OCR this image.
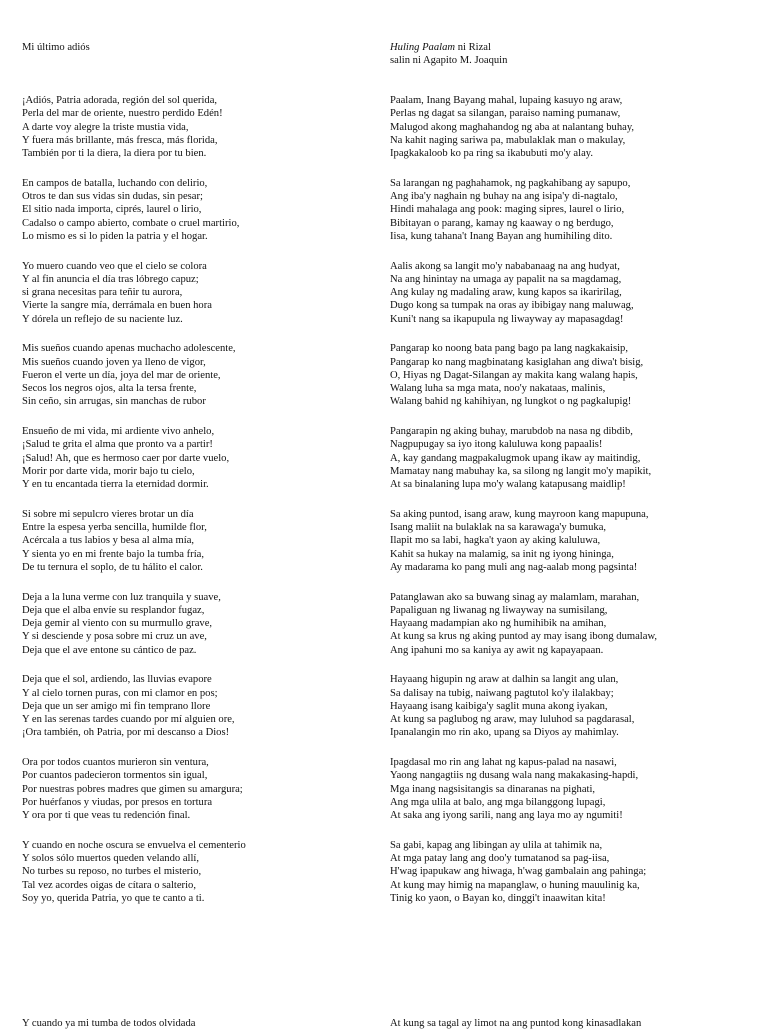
Mi último adiós
¡Adiós, Patria adorada, región del sol querida,
Perla del mar de oriente, nuestro perdido Edén!
A darte voy alegre la triste mustia vida,
Y fuera más brillante, más fresca, más florida,
También por ti la diera, la diera por tu bien.
En campos de batalla, luchando con delirio,
Otros te dan sus vidas sin dudas, sin pesar;
El sitio nada importa, ciprés, laurel o lirio,
Cadalso o campo abierto, combate o cruel martirio,
Lo mismo es si lo piden la patria y el hogar.
Yo muero cuando veo que el cielo se colora
Y al fin anuncia el día tras lóbrego capuz;
si grana necesitas para teñir tu aurora,
Vierte la sangre mía, derrámala en buen hora
Y dórela un reflejo de su naciente luz.
Mis sueños cuando apenas muchacho adolescente,
Mis sueños cuando joven ya lleno de vigor,
Fueron el verte un día, joya del mar de oriente,
Secos los negros ojos, alta la tersa frente,
Sin ceño, sin arrugas, sin manchas de rubor
Ensueño de mi vida, mi ardiente vivo anhelo,
¡Salud te grita el alma que pronto va a partir!
¡Salud! Ah, que es hermoso caer por darte vuelo,
Morir por darte vida, morir bajo tu cielo,
Y en tu encantada tierra la eternidad dormir.
Si sobre mi sepulcro vieres brotar un día
Entre la espesa yerba sencilla, humilde flor,
Acércala a tus labios y besa al alma mía,
Y sienta yo en mi frente bajo la tumba fría,
De tu ternura el soplo, de tu hálito el calor.
Deja a la luna verme con luz tranquila y suave,
Deja que el alba envíe su resplandor fugaz,
Deja gemir al viento con su murmullo grave,
Y si desciende y posa sobre mi cruz un ave,
Deja que el ave entone su cántico de paz.
Deja que el sol, ardiendo, las lluvias evapore
Y al cielo tornen puras, con mi clamor en pos;
Deja que un ser amigo mi fin temprano llore
Y en las serenas tardes cuando por mí alguien ore,
¡Ora también, oh Patria, por mi descanso a Dios!
Ora por todos cuantos murieron sin ventura,
Por cuantos padecieron tormentos sin igual,
Por nuestras pobres madres que gimen su amargura;
Por huérfanos y viudas, por presos en tortura
Y ora por ti que veas tu redención final.
Y cuando en noche oscura se envuelva el cementerio
Y solos sólo muertos queden velando allí,
No turbes su reposo, no turbes el misterio,
Tal vez acordes oigas de cítara o salterio,
Soy yo, querida Patria, yo que te canto a ti.
Huling Paalam ni Rizal
salin ni Agapito M. Joaquin
Paalam, Inang Bayang mahal, lupaing kasuyo ng araw,
Perlas ng dagat sa silangan, paraiso naming pumanaw,
Malugod akong maghahandog ng aba at nalantang buhay,
Na kahit naging sariwa pa, mabulaklak man o makulay,
Ipagkakaloob ko pa ring sa ikabubuti mo'y alay.
Sa larangan ng paghahamok, ng pagkahibang ay sapupo,
Ang iba'y naghain ng buhay na ang isipa'y di-nagtalo,
Hindi mahalaga ang pook: maging sipres, laurel o lirio,
Bibitayan o parang, kamay ng kaaway o ng berdugo,
Iisa, kung tahana't Inang Bayan ang humihiling dito.
Aalis akong sa langit mo'y nababanaag na ang hudyat,
Na ang hinintay na umaga ay papalit na sa magdamag,
Ang kulay ng madaling araw, kung kapos sa ikaririlag,
Dugo kong sa tumpak na oras ay ibibigay nang maluwag,
Kuni't nang sa ikapupula ng liwayway ay mapasagdag!
Pangarap ko noong bata pang bago pa lang nagkakaisip,
Pangarap ko nang magbinatang kasiglahan ang diwa't bisig,
O, Hiyas ng Dagat-Silangan ay makita kang walang hapis,
Walang luha sa mga mata, noo'y nakataas, malinis,
Walang bahid ng kahihiyan, ng lungkot o ng pagkalupig!
Pangarapin ng aking buhay, marubdob na nasa ng dibdib,
Nagpupugay sa iyo itong kaluluwa kong papaalis!
A, kay gandang magpakalugmok upang ikaw ay maitindig,
Mamatay nang mabuhay ka, sa silong ng langit mo'y mapikit,
At sa binalaning lupa mo'y walang katapusang maidlip!
Sa aking puntod, isang araw, kung mayroon kang mapupuna,
Isang maliit na bulaklak na sa karawaga'y bumuka,
Ilapit mo sa labi, hagka't yaon ay aking kaluluwa,
Kahit sa hukay na malamig, sa init ng iyong hininga,
Ay madarama ko pang muli ang nag-aalab mong pagsinta!
Patanglawan ako sa buwang sinag ay malamlam, marahan,
Papaliguan ng liwanag ng liwayway na sumisilang,
Hayaang madampian ako ng humihibik na amihan,
At kung sa krus ng aking puntod ay may isang ibong dumalaw,
Ang ipahuni mo sa kaniya ay awit ng kapayapaan.
Hayaang higupin ng araw at dalhin sa langit ang ulan,
Sa dalisay na tubig, naiwang pagtutol ko'y ilalakbay;
Hayaang isang kaibiga'y saglit muna akong iyakan,
At kung sa paglubog ng araw, may luluhod sa pagdarasal,
Ipanalangin mo rin ako, upang sa Diyos ay mahimlay.
Ipagdasal mo rin ang lahat ng kapus-palad na nasawi,
Yaong nangagtiis ng dusang wala nang makakasing-hapdi,
Mga inang nagsisitangis sa dinaranas na pighati,
Ang mga ulila at balo, ang mga bilanggong lupagi,
At saka ang iyong sarili, nang ang laya mo ay ngumiti!
Sa gabi, kapag ang libingan ay ulila at tahimik na,
At mga patay lang ang doo'y tumatanod sa pag-iisa,
H'wag ipapukaw ang hiwaga, h'wag gambalain ang pahinga;
At kung may himig na mapanglaw, o huning mauulinig ka,
Tinig ko yaon, o Bayan ko, dinggi't inaawitan kita!
Y cuando ya mi tumba de todos olvidada	At kung sa tagal ay limot na ang puntod kong kinasadlakan
